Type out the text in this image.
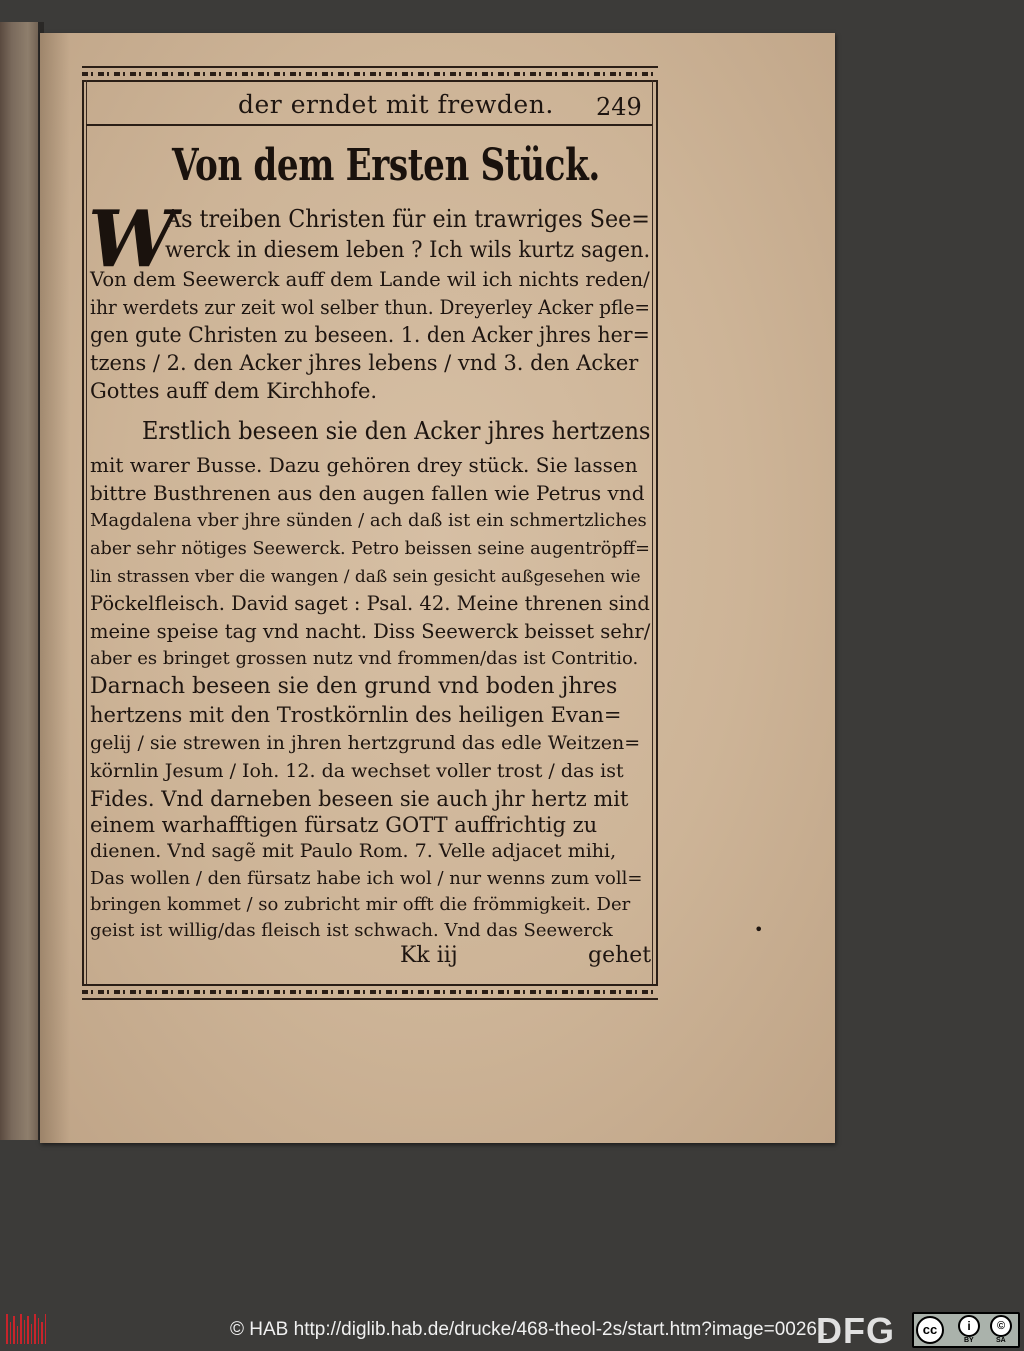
der erndet mit frewden. 249
Von dem Ersten Stück.
W
As treiben Christen für ein trawriges See=
werck in diesem leben ? Ich wils kurtz sagen.
Von dem Seewerck auff dem Lande wil ich nichts reden/
ihr werdets zur zeit wol selber thun. Dreyerley Acker pfle=
gen gute Christen zu beseen. 1. den Acker jhres her=
tzens / 2. den Acker jhres lebens / vnd 3. den Acker
Gottes auff dem Kirchhofe.
Erstlich beseen sie den Acker jhres hertzens
mit warer Busse. Dazu gehören drey stück. Sie lassen
bittre Busthrenen aus den augen fallen wie Petrus vnd
Magdalena vber jhre sünden / ach daß ist ein schmertzliches
aber sehr nötiges Seewerck. Petro beissen seine augentröpff=
lin strassen vber die wangen / daß sein gesicht außgesehen wie
Pöckelfleisch. David saget : Psal. 42. Meine threnen sind
meine speise tag vnd nacht. Diss Seewerck beisset sehr/
aber es bringet grossen nutz vnd frommen/das ist Contritio.
Darnach beseen sie den grund vnd boden jhres
hertzens mit den Trostkörnlin des heiligen Evan=
gelij / sie strewen in jhren hertzgrund das edle Weitzen=
körnlin Jesum / Ioh. 12. da wechset voller trost / das ist
Fides. Vnd darneben beseen sie auch jhr hertz mit
einem warhafftigen fürsatz GOTT auffrichtig zu
dienen. Vnd sagẽ mit Paulo Rom. 7. Velle adjacet mihi,
Das wollen / den fürsatz habe ich wol / nur wenns zum voll=
bringen kommet / so zubricht mir offt die frömmigkeit. Der
geist ist willig/das fleisch ist schwach. Vnd das Seewerck
Kk iij	gehet
•
© HAB http://diglib.hab.de/drucke/468-theol-2s/start.htm?image=00261
DFG	cc	i	©
BY	SA
